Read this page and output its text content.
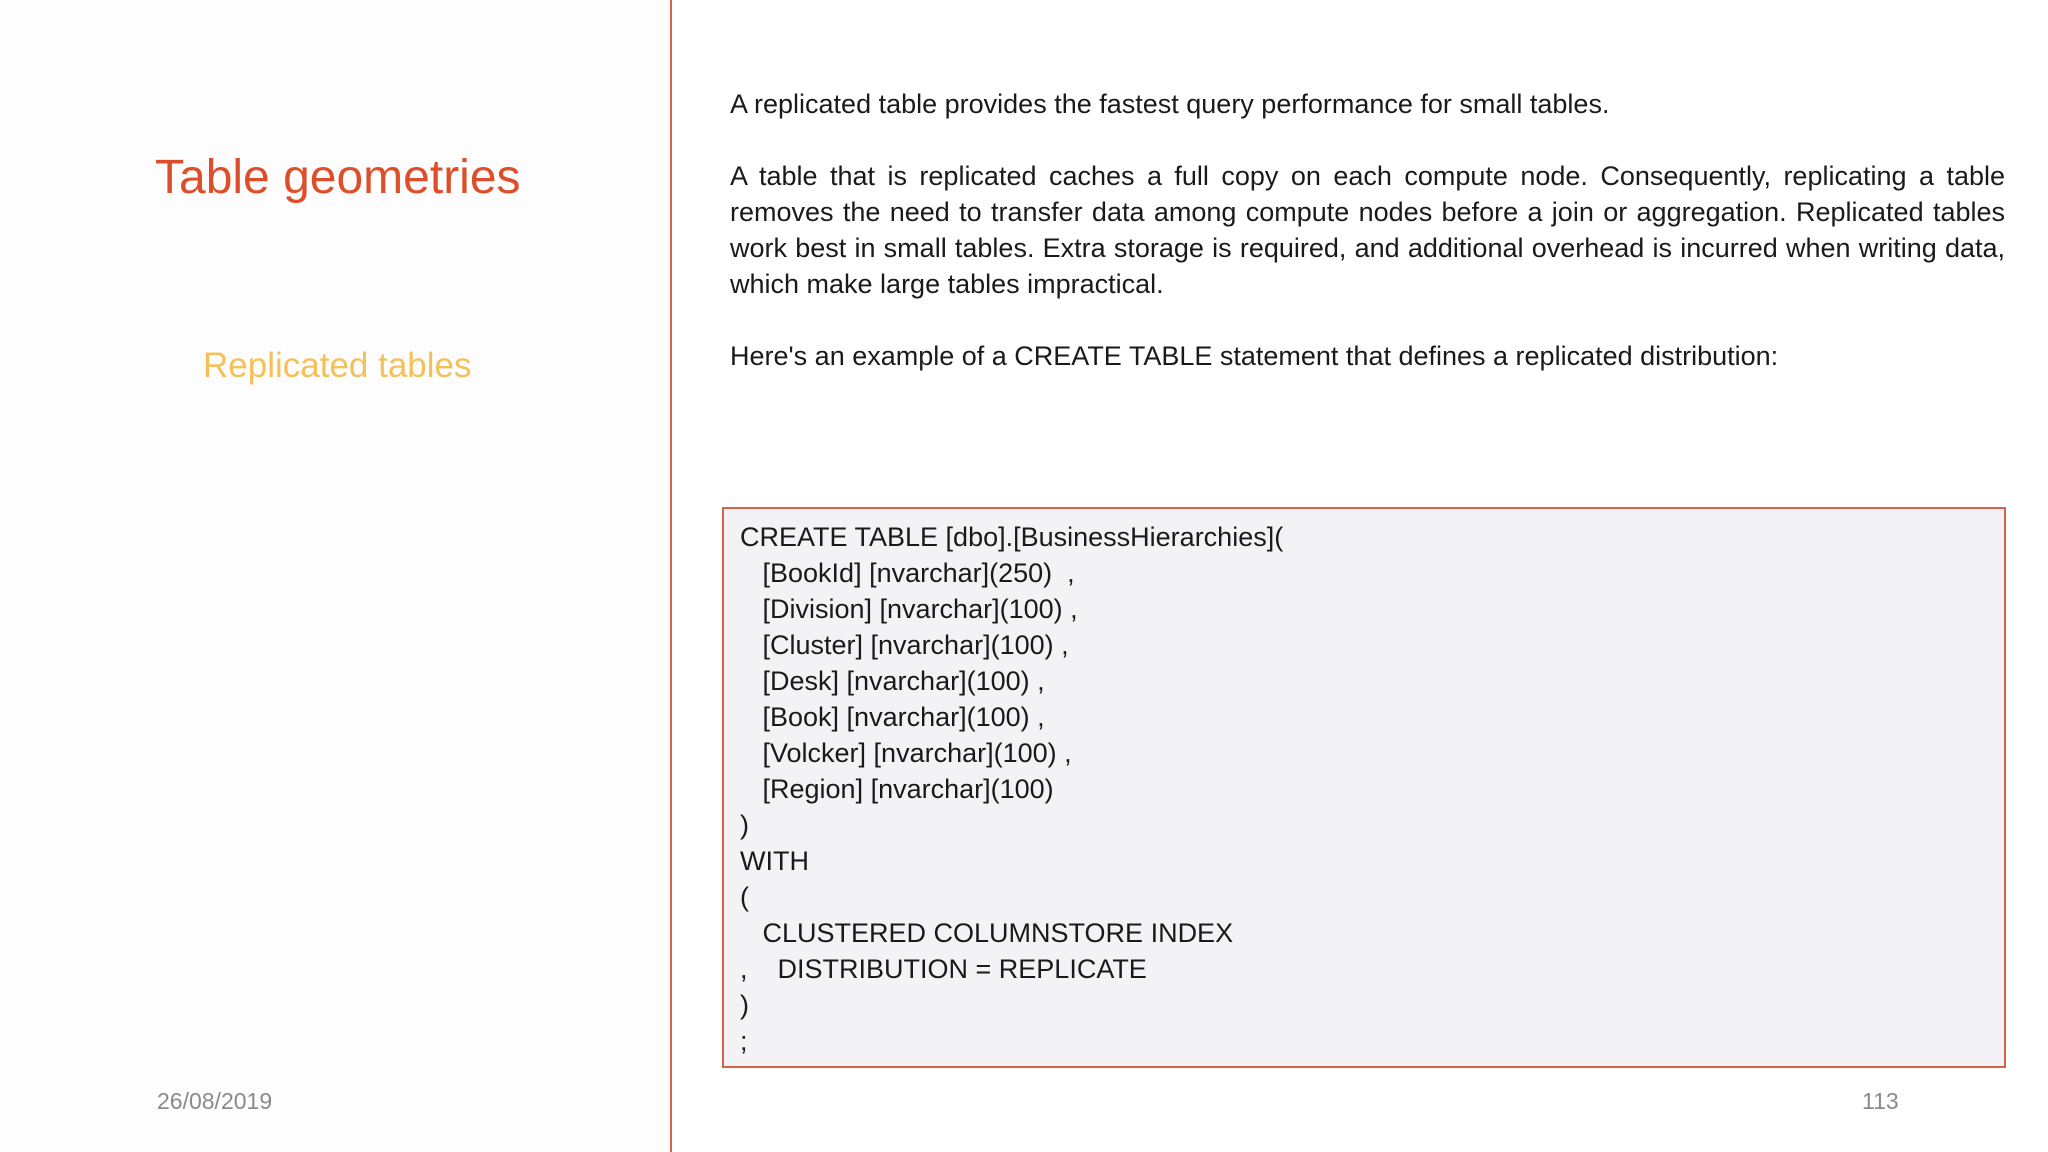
Table geometries
Replicated tables

A replicated table provides the fastest query performance for small tables.

A table that is replicated caches a full copy on each compute node. Consequently, replicating a table removes the need to transfer data among compute nodes before a join or aggregation. Replicated tables work best in small tables. Extra storage is required, and additional overhead is incurred when writing data, which make large tables impractical.

Here's an example of a CREATE TABLE statement that defines a replicated distribution:

CREATE TABLE [dbo].[BusinessHierarchies](
[BookId] [nvarchar](250)  ,
[Division] [nvarchar](100) ,
[Cluster] [nvarchar](100) ,
[Desk] [nvarchar](100) ,
[Book] [nvarchar](100) ,
[Volcker] [nvarchar](100) ,
[Region] [nvarchar](100)
)
WITH
(
CLUSTERED COLUMNSTORE INDEX
,    DISTRIBUTION = REPLICATE
)
;
26/08/2019	113
